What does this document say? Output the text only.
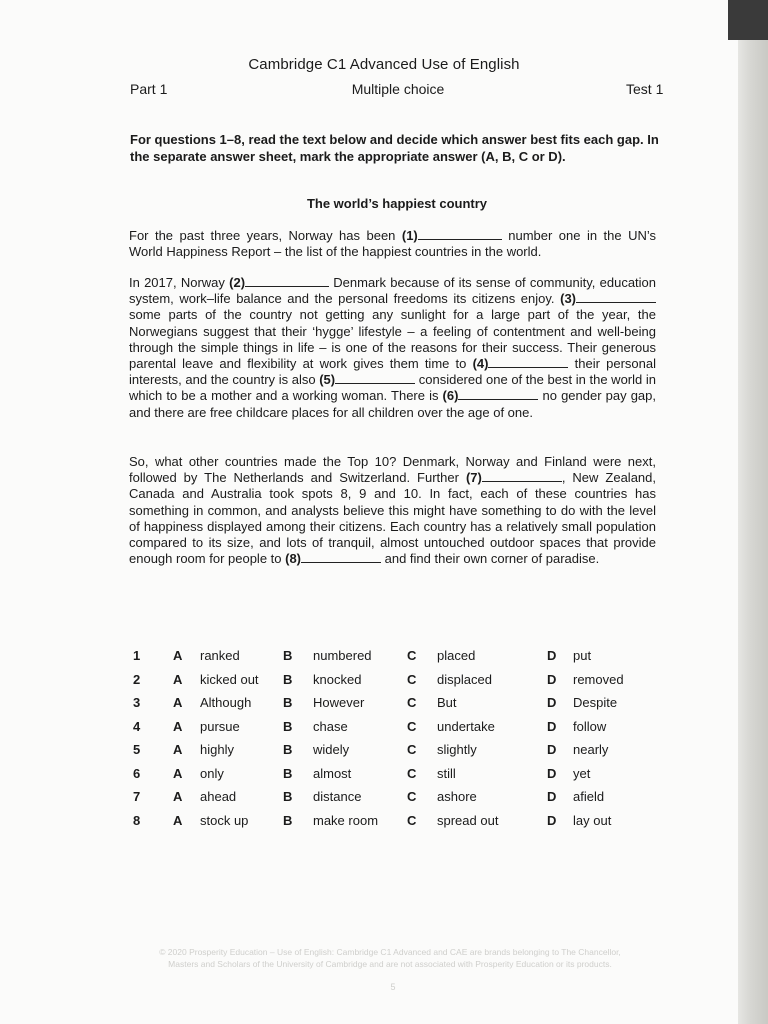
Cambridge C1 Advanced Use of English
Part 1	Multiple choice	Test 1
For questions 1–8, read the text below and decide which answer best fits each gap. In the separate answer sheet, mark the appropriate answer (A, B, C or D).
The world’s happiest country
For the past three years, Norway has been (1)	number one in the UN’s World Happiness Report – the list of the happiest countries in the world.
In 2017, Norway (2)	Denmark because of its sense of community, education system, work–life balance and the personal freedoms its citizens enjoy. (3) some parts of the country not getting any sunlight for a large part of the year, the Norwegians suggest that their ‘hygge’ lifestyle – a feeling of contentment and well-being through the simple things in life – is one of the reasons for their success. Their generous parental leave and flexibility at work gives them time to (4)	their personal interests, and the country is also (5)	considered one of the best in the world in which to be a mother and a working woman. There is (6)	no gender pay gap, and there are free childcare places for all children over the age of one.
So, what other countries made the Top 10? Denmark, Norway and Finland were next, followed by The Netherlands and Switzerland. Further (7)	, New Zealand, Canada and Australia took spots 8, 9 and 10. In fact, each of these countries has something in common, and analysts believe this might have something to do with the level of happiness displayed among their citizens. Each country has a relatively small population compared to its size, and lots of tranquil, almost untouched outdoor spaces that provide enough room for people to (8)	and find their own corner of paradise.
1	A ranked	B numbered	C placed	D put
2	A kicked out B knocked	C displaced	D removed
3	A Although B However	C But	D Despite
4	A pursue	B chase	C undertake	D follow
5	A highly	B widely	C slightly	D nearly
6	A only	B almost	C still	D yet
7	A ahead	B distance	C ashore	D afield
8	A stock up	B make room C spread out	D lay out
© 2020 Prosperity Education – Use of English: Cambridge C1 Advanced and CAE are brands belonging to The Chancellor,
Masters and Scholars of the University of Cambridge and are not associated with Prosperity Education or its products.
5
